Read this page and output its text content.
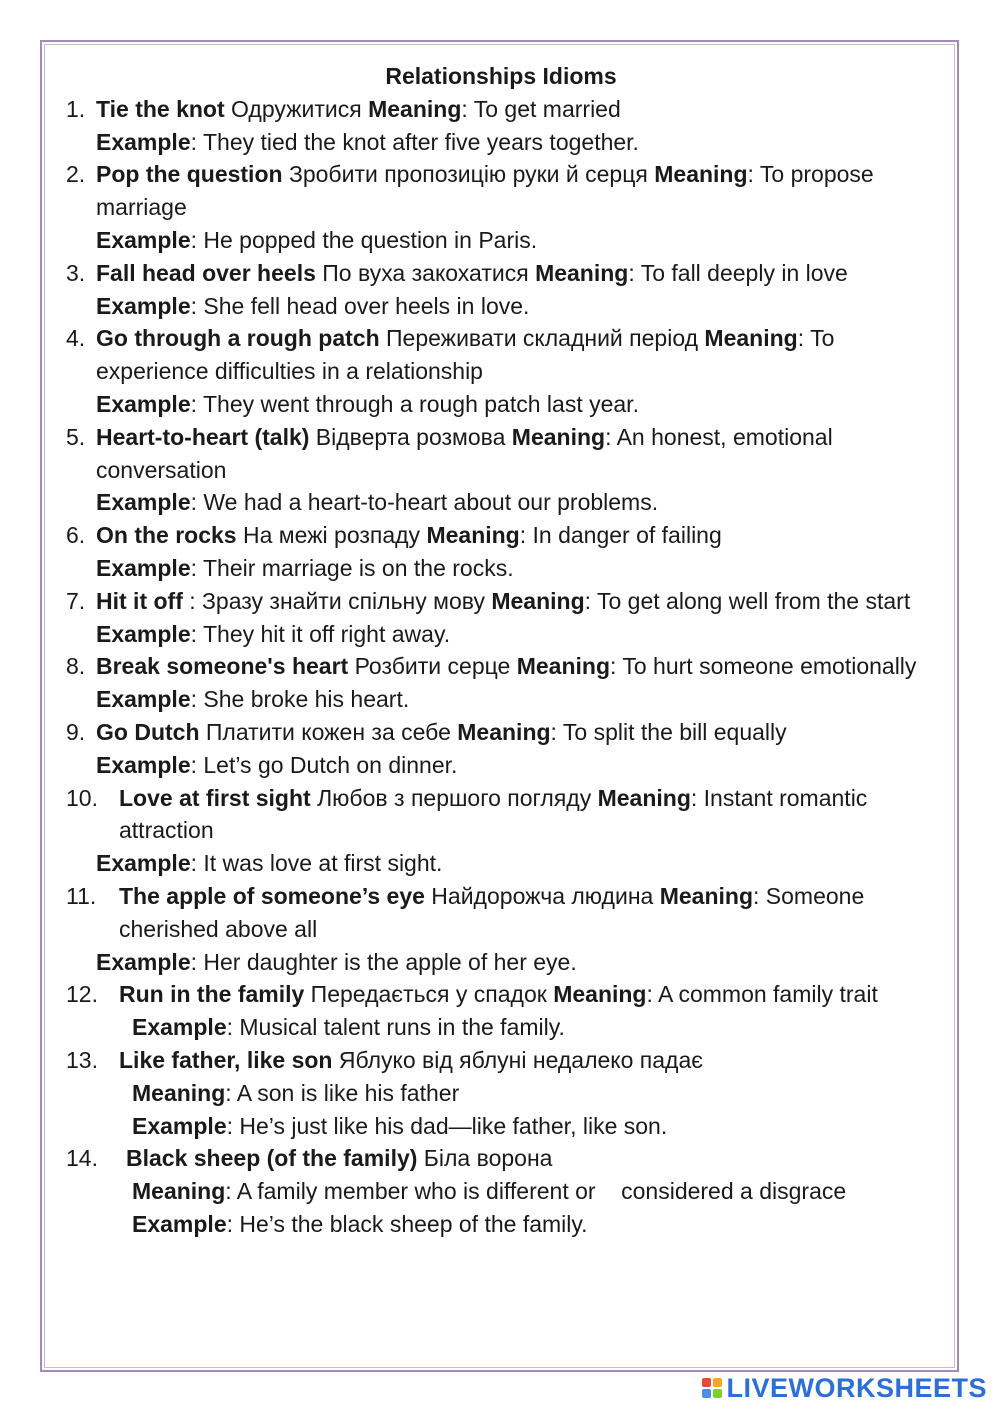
Relationships Idioms
1. Tie the knot Одружитися Meaning: To get married
Example: They tied the knot after five years together.
2. Pop the question Зробити пропозицію руки й серця Meaning: To propose marriage
Example: He popped the question in Paris.
3. Fall head over heels По вуха закохатися Meaning: To fall deeply in love
Example: She fell head over heels in love.
4. Go through a rough patch Переживати складний період Meaning: To experience difficulties in a relationship
Example: They went through a rough patch last year.
5. Heart-to-heart (talk) Відверта розмова Meaning: An honest, emotional conversation
Example: We had a heart-to-heart about our problems.
6. On the rocks На межі розпаду Meaning: In danger of failing
Example: Their marriage is on the rocks.
7. Hit it off : Зразу знайти спільну мову Meaning: To get along well from the start
Example: They hit it off right away.
8. Break someone's heart Розбити серце Meaning: To hurt someone emotionally
Example: She broke his heart.
9. Go Dutch Платити кожен за себе Meaning: To split the bill equally
Example: Let’s go Dutch on dinner.
10. Love at first sight Любов з першого погляду Meaning: Instant romantic attraction
Example: It was love at first sight.
11. The apple of someone’s eye Найдорожча людина Meaning: Someone cherished above all
Example: Her daughter is the apple of her eye.
12. Run in the family Передається у спадок Meaning: A common family trait
Example: Musical talent runs in the family.
13. Like father, like son Яблуко від яблуні недалеко падає
Meaning: A son is like his father
Example: He’s just like his dad—like father, like son.
14.	Black sheep (of the family) Біла ворона
Meaning: A family member who is different or    considered a disgrace
Example: He’s the black sheep of the family.
LIVEWORKSHEETS
